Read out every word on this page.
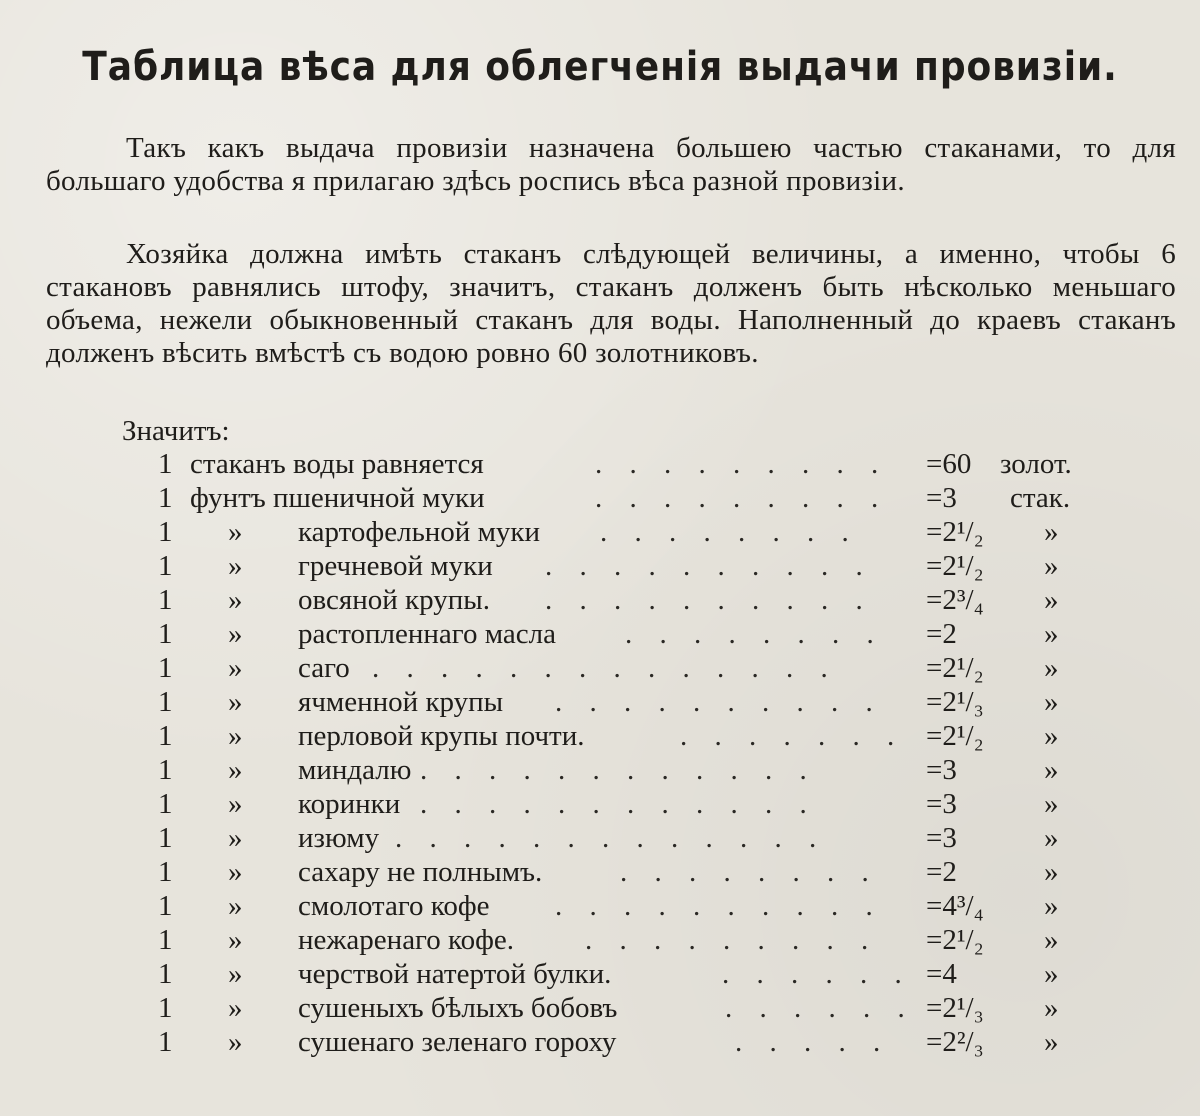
Таблица вѣса для облегченія выдачи провизіи.

Такъ какъ выдача провизіи назначена большею частью стаканами, то для большаго удобства я прилагаю здѣсь роспись вѣса разной провизіи.

Хозяйка должна имѣть стаканъ слѣдующей величины, а именно, чтобы 6 стакановъ равнялись штофу, значитъ, стаканъ долженъ быть нѣсколько меньшаго объема, нежели обыкновенный стаканъ для воды. Наполненный до краевъ стаканъ долженъ вѣсить вмѣстѣ съ водою ровно 60 золотниковъ.

Значитъ:
1 стаканъ воды равняется	. . . . . . . . . =60 золот.
1 фунтъ пшеничной муки	. . . . . . . . . =3 стак.
1 » картофельной муки . . . . . . . . =2¹/₂ »
1 » гречневой муки . . . . . . . . . . =2¹/₂ »
1 » овсяной крупы. . . . . . . . . . . =2³/₄ »
1 » растопленнаго масла . . . . . . . . =2	»
1 » саго . . . . . . . . . . . . . .	=2¹/₂ »
1 » ячменной крупы . . . . . . . . . . =2¹/₃ »
1 » перловой крупы почти.	. . . . . . . =2¹/₂ »
1 » миндалю . . . . . . . . . . . .	=3	»
1 » коринки . . . . . . . . . . . .	=3	»
1 » изюму . . . . . . . . . . . . .	=3	»
1 » сахару не полнымъ.	. . . . . . . . =2	»
1 » смолотаго кофе . . . . . . . . . . =4³/₄ »
1 » нежаренаго кофе. . . . . . . . . . =2¹/₂ »
1 » черствой натертой булки.	. . . . . . =4	»
1 » сушеныхъ бѣлыхъ бобовъ	. . . . . . =2¹/₃ »
1 » сушенаго зеленаго гороху	. . . . . =2²/₃ »
